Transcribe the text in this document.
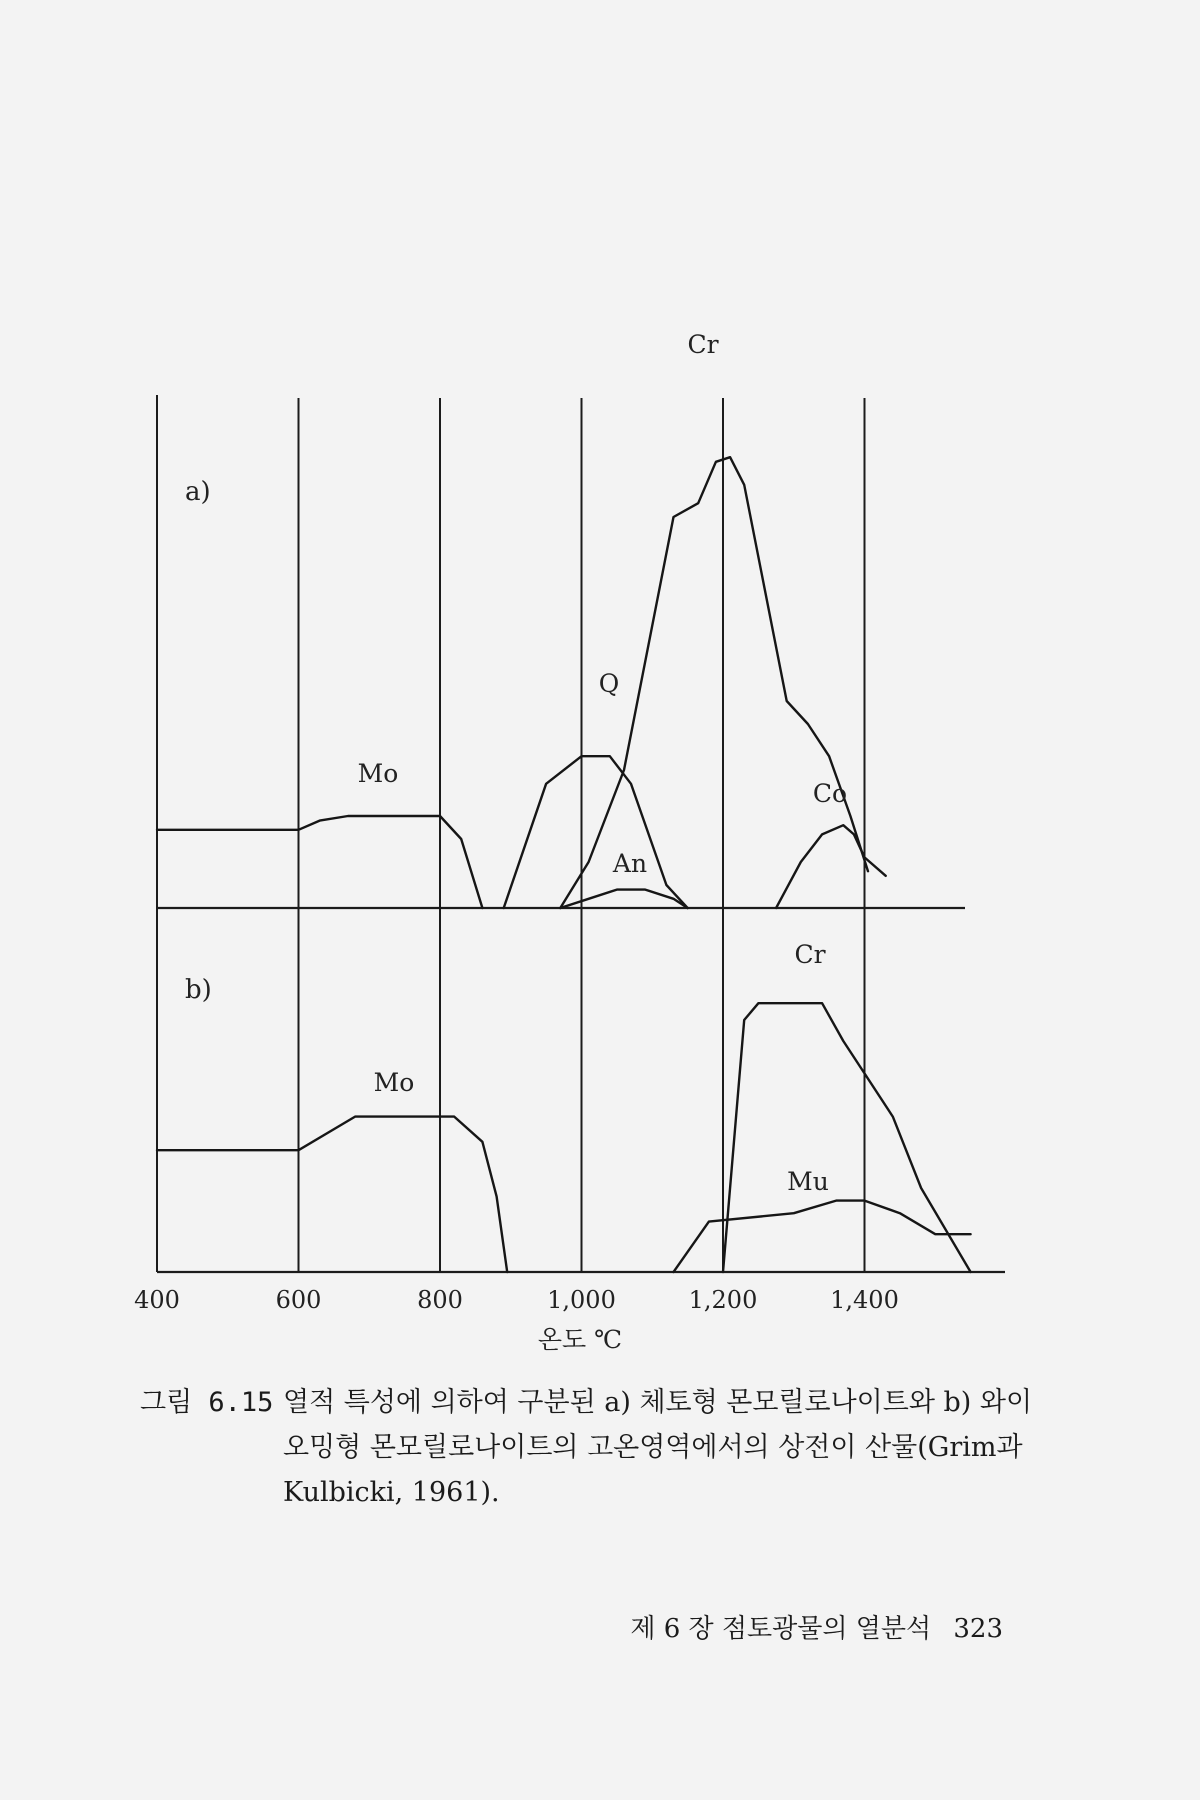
a)
Mo
Q
An
Cr
Co
b)
Mo
Cr
Mu
400	600	800	1,000	1,200	1,400
온도 ℃
그림 6.15 열적 특성에 의하여 구분된 a) 체토형 몬모릴로나이트와 b) 와이오밍형 몬모릴로나이트의 고온영역에서의 상전이 산물(Grim과 Kulbicki, 1961).
제 6 장 점토광물의 열분석 323
